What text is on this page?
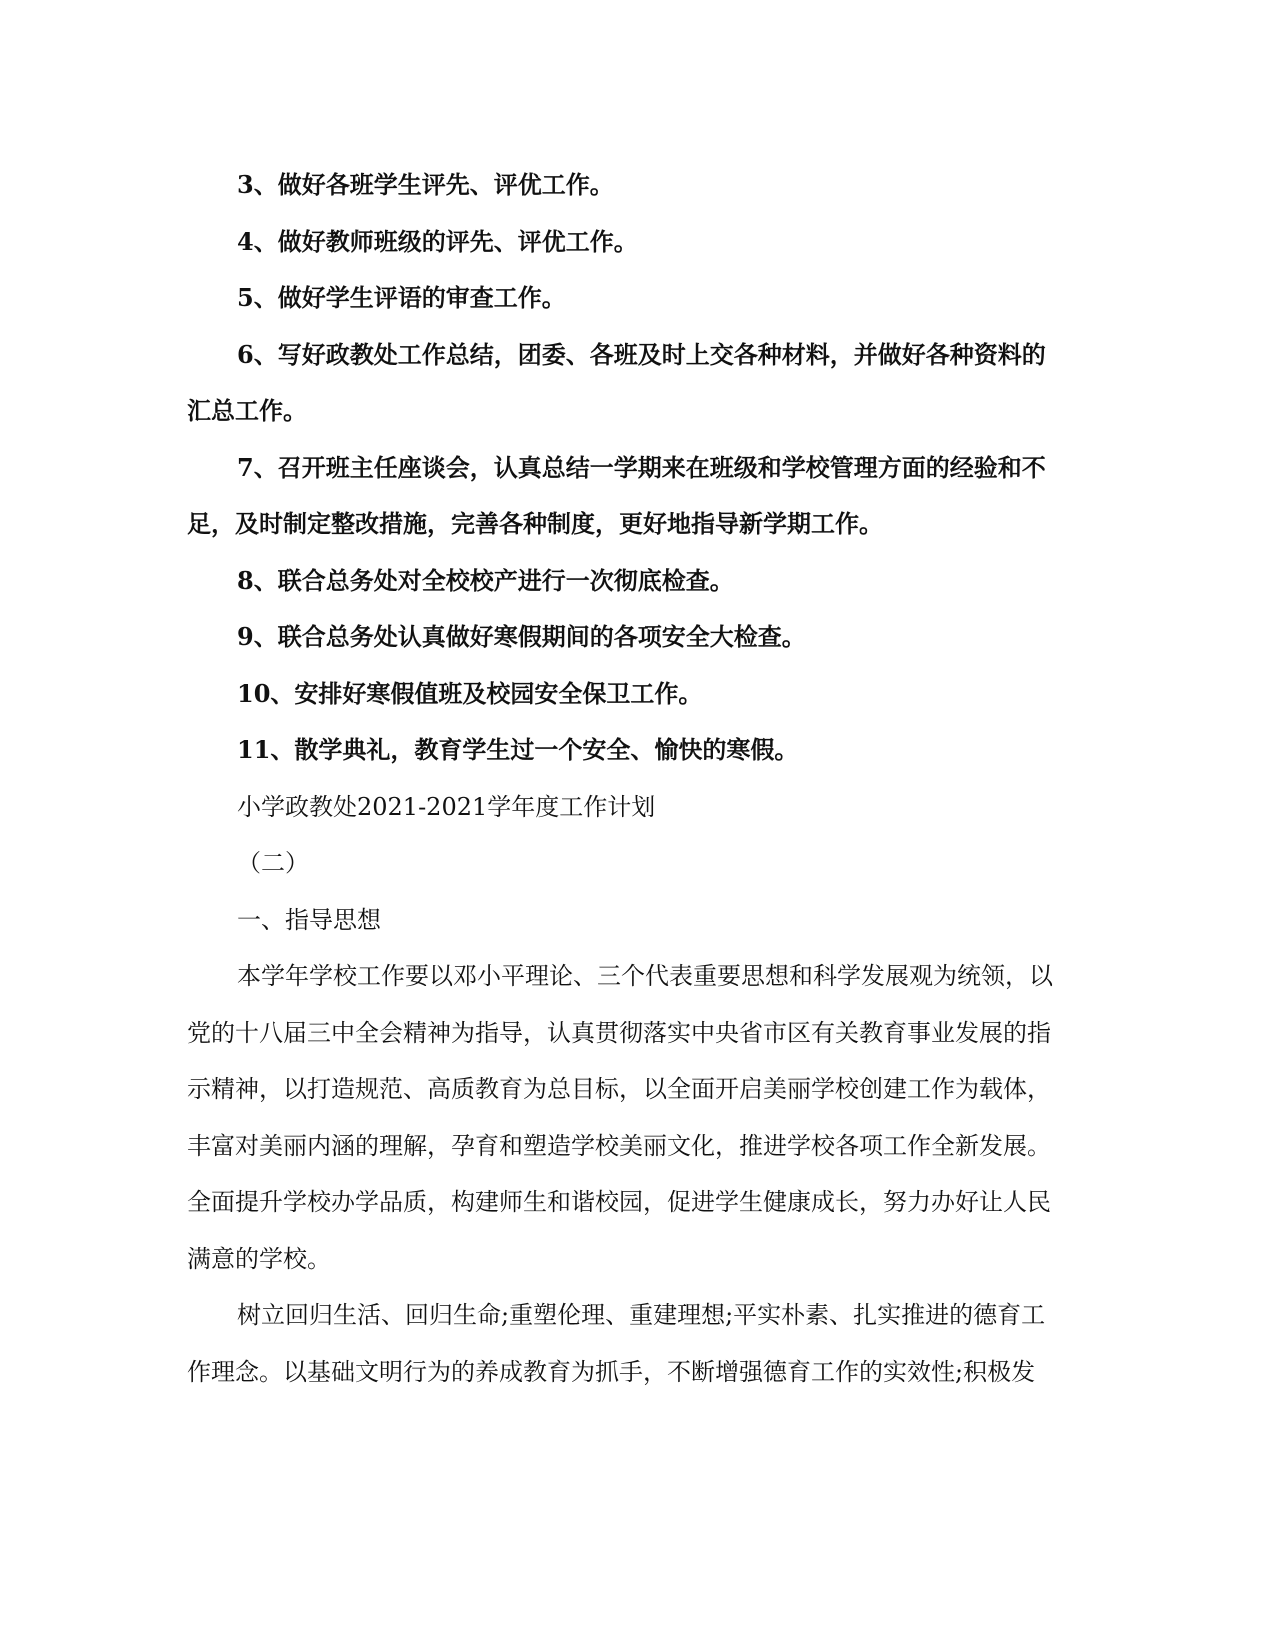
3、做好各班学生评先、评优工作。
4、做好教师班级的评先、评优工作。
5、做好学生评语的审查工作。
6、写好政教处工作总结，团委、各班及时上交各种材料，并做好各种资料的
汇总工作。
7、召开班主任座谈会，认真总结一学期来在班级和学校管理方面的经验和不
足，及时制定整改措施，完善各种制度，更好地指导新学期工作。
8、联合总务处对全校校产进行一次彻底检查。
9、联合总务处认真做好寒假期间的各项安全大检查。
10、安排好寒假值班及校园安全保卫工作。
11、散学典礼，教育学生过一个安全、愉快的寒假。
小学政教处2021-2021学年度工作计划
（二）
一、指导思想
本学年学校工作要以邓小平理论、三个代表重要思想和科学发展观为统领，以
党的十八届三中全会精神为指导，认真贯彻落实中央省市区有关教育事业发展的指
示精神，以打造规范、高质教育为总目标，以全面开启美丽学校创建工作为载体，
丰富对美丽内涵的理解，孕育和塑造学校美丽文化，推进学校各项工作全新发展。
全面提升学校办学品质，构建师生和谐校园，促进学生健康成长，努力办好让人民
满意的学校。
树立回归生活、回归生命;重塑伦理、重建理想;平实朴素、扎实推进的德育工
作理念。以基础文明行为的养成教育为抓手，不断增强德育工作的实效性;积极发
